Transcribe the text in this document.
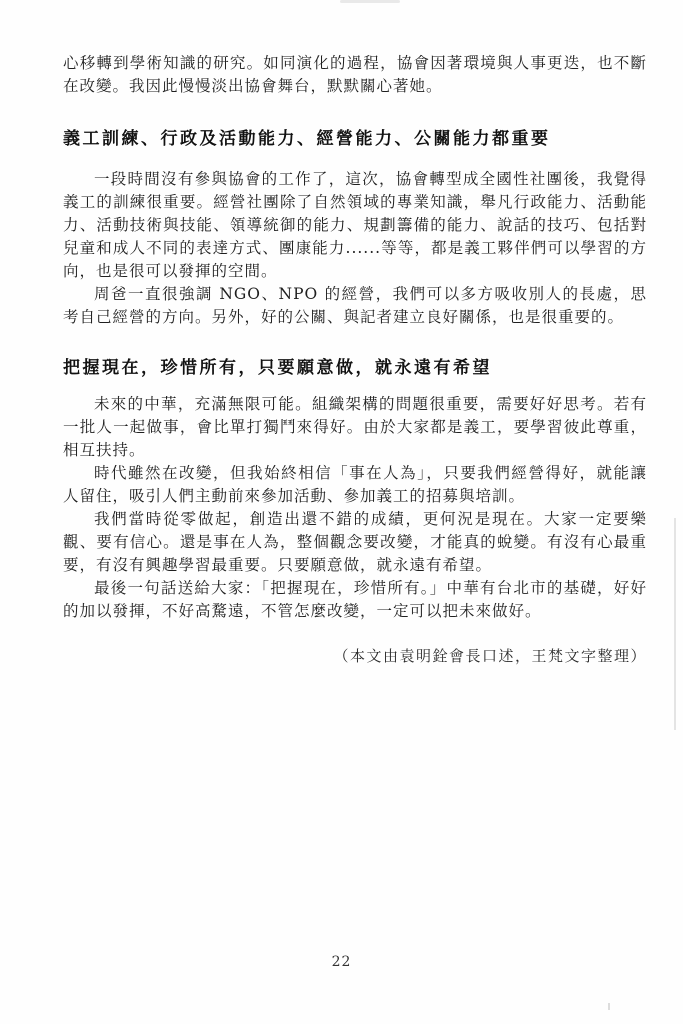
心移轉到學術知識的研究。如同演化的過程，協會因著環境與人事更迭，也不斷在改變。我因此慢慢淡出協會舞台，默默關心著她。

義工訓練、行政及活動能力、經營能力、公關能力都重要

一段時間沒有參與協會的工作了，這次，協會轉型成全國性社團後，我覺得義工的訓練很重要。經營社團除了自然領域的專業知識，舉凡行政能力、活動能力、活動技術與技能、領導統御的能力、規劃籌備的能力、說話的技巧、包括對兒童和成人不同的表達方式、團康能力......等等，都是義工夥伴們可以學習的方向，也是很可以發揮的空間。

周爸一直很強調 NGO、NPO 的經營，我們可以多方吸收別人的長處，思考自己經營的方向。另外，好的公關、與記者建立良好關係，也是很重要的。

把握現在，珍惜所有，只要願意做，就永遠有希望

未來的中華，充滿無限可能。組織架構的問題很重要，需要好好思考。若有一批人一起做事，會比單打獨鬥來得好。由於大家都是義工，要學習彼此尊重，相互扶持。

時代雖然在改變，但我始終相信「事在人為」，只要我們經營得好，就能讓人留住，吸引人們主動前來參加活動、參加義工的招募與培訓。

我們當時從零做起，創造出還不錯的成績，更何況是現在。大家一定要樂觀、要有信心。還是事在人為，整個觀念要改變，才能真的蛻變。有沒有心最重要，有沒有興趣學習最重要。只要願意做，就永遠有希望。

最後一句話送給大家：「把握現在，珍惜所有。」中華有台北市的基礎，好好的加以發揮，不好高騖遠，不管怎麼改變，一定可以把未來做好。

（本文由袁明銓會長口述，王梵文字整理）

22
